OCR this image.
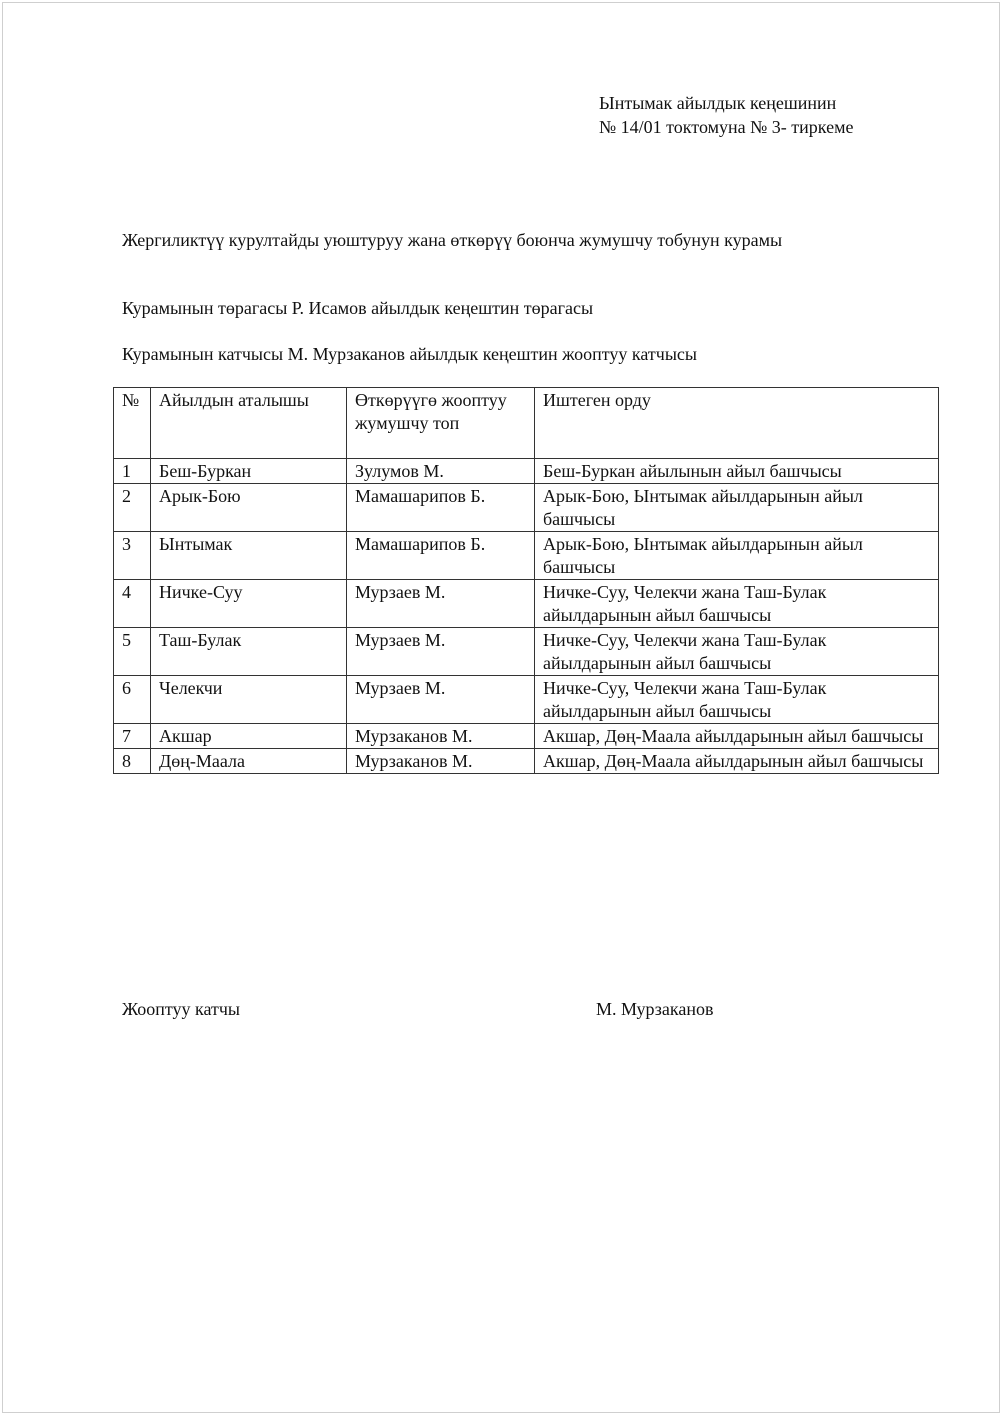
Ынтымак айылдык кеңешинин
№ 14/01 токтомуна № 3- тиркеме
Жергиликтүү курултайды уюштуруу жана өткөрүү боюнча жумушчу тобунун курамы
Курамынын төрагасы Р. Исамов айылдык кеңештин төрагасы
Курамынын катчысы М. Мурзаканов айылдык кеңештин жооптуу катчысы
№	Айылдын аталышы	Өткөрүүгө жооптуу жумушчу топ	Иштеген орду
1	Беш-Буркан	Зулумов М.	Беш-Буркан айылынын айыл башчысы
2	Арык-Бою	Мамашарипов Б.	Арык-Бою, Ынтымак айылдарынын айыл башчысы
3	Ынтымак	Мамашарипов Б.	Арык-Бою, Ынтымак айылдарынын айыл башчысы
4	Ничке-Суу	Мурзаев М.	Ничке-Суу, Челекчи жана Таш-Булак айылдарынын айыл башчысы
5	Таш-Булак	Мурзаев М.	Ничке-Суу, Челекчи жана Таш-Булак айылдарынын айыл башчысы
6	Челекчи	Мурзаев М.	Ничке-Суу, Челекчи жана Таш-Булак айылдарынын айыл башчысы
7	Акшар	Мурзаканов М.	Акшар, Дөң-Маала айылдарынын айыл башчысы
8	Дөң-Маала	Мурзаканов М.	Акшар, Дөң-Маала айылдарынын айыл башчысы
Жооптуу катчы	М. Мурзаканов
